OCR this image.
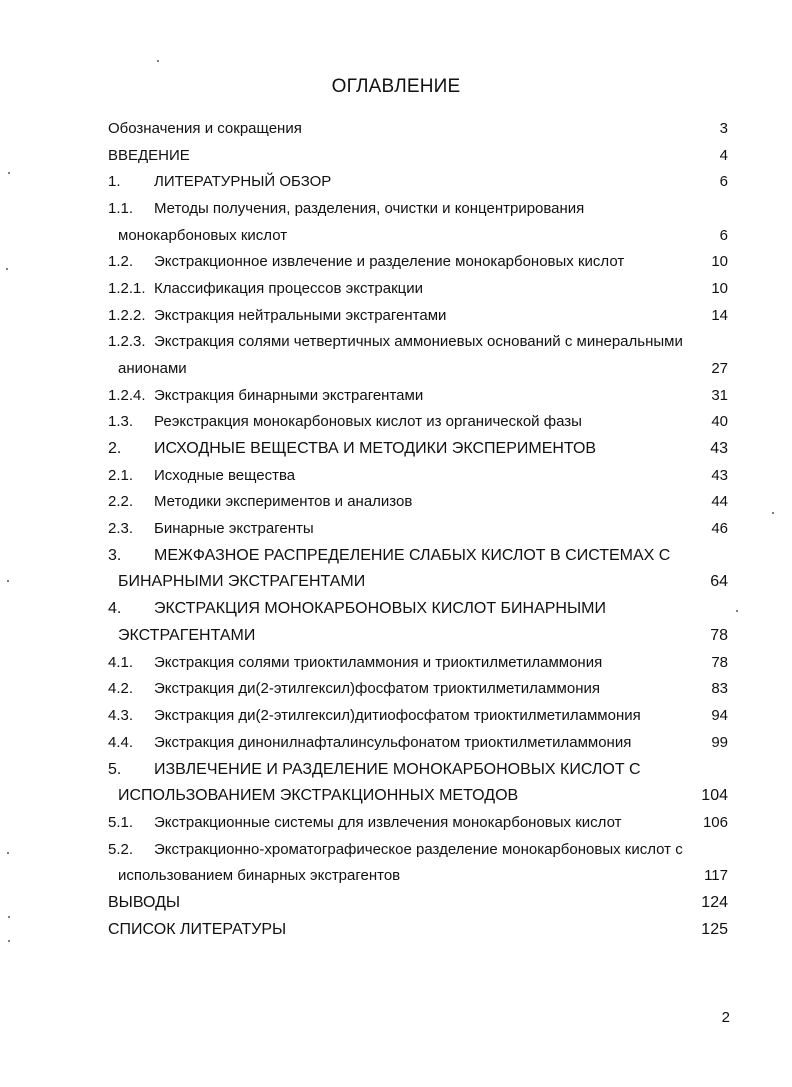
ОГЛАВЛЕНИЕ
Обозначения и сокращения	3
ВВЕДЕНИЕ	4
1. ЛИТЕРАТУРНЫЙ ОБЗОР	6
1.1. Методы получения, разделения, очистки и концентрирования
монокарбоновых кислот	6
1.2. Экстракционное извлечение и разделение монокарбоновых кислот	10
1.2.1. Классификация процессов экстракции	10
1.2.2. Экстракция нейтральными экстрагентами	14
1.2.3. Экстракция солями четвертичных аммониевых оснований с минеральными
анионами	27
1.2.4. Экстракция бинарными экстрагентами	31
1.3. Реэкстракция монокарбоновых кислот из органической фазы	40
2. ИСХОДНЫЕ ВЕЩЕСТВА И МЕТОДИКИ ЭКСПЕРИМЕНТОВ	43
2.1. Исходные вещества	43
2.2. Методики экспериментов и анализов	44
2.3. Бинарные экстрагенты	46
3. МЕЖФАЗНОЕ РАСПРЕДЕЛЕНИЕ СЛАБЫХ КИСЛОТ В СИСТЕМАХ С
БИНАРНЫМИ ЭКСТРАГЕНТАМИ	64
4. ЭКСТРАКЦИЯ МОНОКАРБОНОВЫХ КИСЛОТ БИНАРНЫМИ
ЭКСТРАГЕНТАМИ	78
4.1. Экстракция солями триоктиламмония и триоктилметиламмония	78
4.2. Экстракция ди(2-этилгексил)фосфатом триоктилметиламмония	83
4.3. Экстракция ди(2-этилгексил)дитиофосфатом триоктилметиламмония	94
4.4. Экстракция динонилнафталинсульфонатом триоктилметиламмония	99
5. ИЗВЛЕЧЕНИЕ И РАЗДЕЛЕНИЕ МОНОКАРБОНОВЫХ КИСЛОТ С
ИСПОЛЬЗОВАНИЕМ ЭКСТРАКЦИОННЫХ МЕТОДОВ	104
5.1. Экстракционные системы для извлечения монокарбоновых кислот	106
5.2. Экстракционно-хроматографическое разделение монокарбоновых кислот с
использованием бинарных экстрагентов	117
ВЫВОДЫ	124
СПИСОК ЛИТЕРАТУРЫ	125
2
